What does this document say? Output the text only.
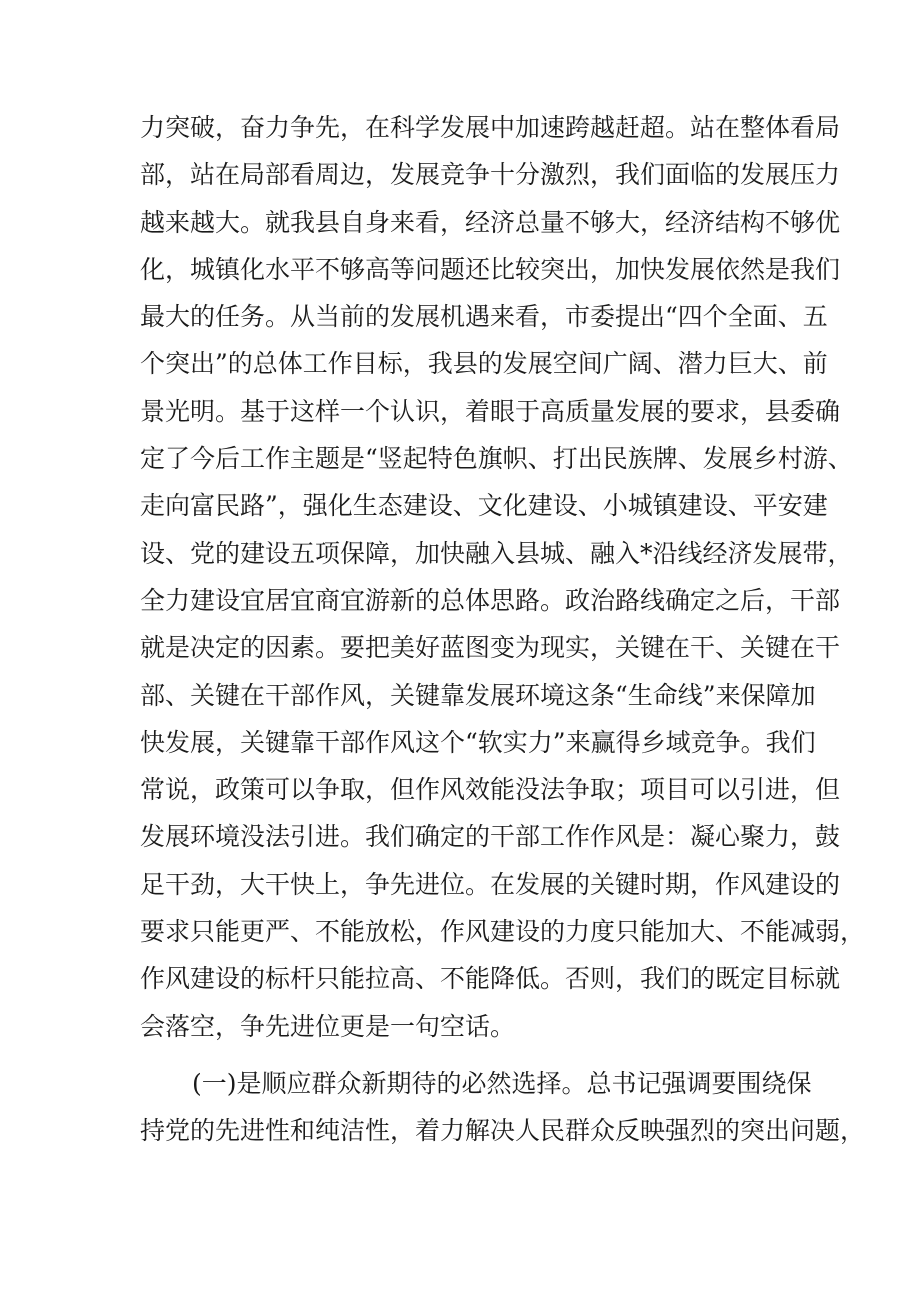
力突破，奋力争先，在科学发展中加速跨越赶超。站在整体看局
部，站在局部看周边，发展竞争十分激烈，我们面临的发展压力
越来越大。就我县自身来看，经济总量不够大，经济结构不够优
化，城镇化水平不够高等问题还比较突出，加快发展依然是我们
最大的任务。从当前的发展机遇来看，市委提出“四个全面、五
个突出”的总体工作目标，我县的发展空间广阔、潜力巨大、前
景光明。基于这样一个认识，着眼于高质量发展的要求，县委确
定了今后工作主题是“竖起特色旗帜、打出民族牌、发展乡村游、
走向富民路”，强化生态建设、文化建设、小城镇建设、平安建
设、党的建设五项保障，加快融入县城、融入*沿线经济发展带，
全力建设宜居宜商宜游新的总体思路。政治路线确定之后，干部
就是决定的因素。要把美好蓝图变为现实，关键在干、关键在干
部、关键在干部作风，关键靠发展环境这条“生命线”来保障加
快发展，关键靠干部作风这个“软实力”来赢得乡域竞争。我们
常说，政策可以争取，但作风效能没法争取；项目可以引进，但
发展环境没法引进。我们确定的干部工作作风是：凝心聚力，鼓
足干劲，大干快上，争先进位。在发展的关键时期，作风建设的
要求只能更严、不能放松，作风建设的力度只能加大、不能减弱，
作风建设的标杆只能拉高、不能降低。否则，我们的既定目标就
会落空，争先进位更是一句空话。
(一)是顺应群众新期待的必然选择。总书记强调要围绕保
持党的先进性和纯洁性，着力解决人民群众反映强烈的突出问题，
